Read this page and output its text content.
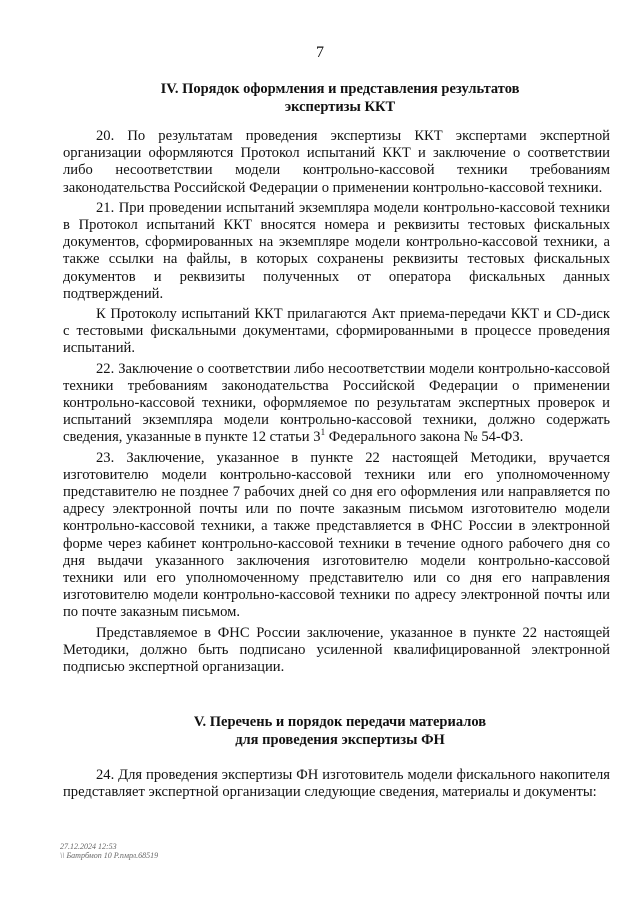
7
IV. Порядок оформления и представления результатов
экспертизы ККТ

20. По результатам проведения экспертизы ККТ экспертами экспертной организации оформляются Протокол испытаний ККТ и заключение о соответствии либо несоответствии модели контрольно-кассовой техники требованиям законодательства Российской Федерации о применении контрольно-кассовой техники.

21. При проведении испытаний экземпляра модели контрольно-кассовой техники в Протокол испытаний ККТ вносятся номера и реквизиты тестовых фискальных документов, сформированных на экземпляре модели контрольно-кассовой техники, а также ссылки на файлы, в которых сохранены реквизиты тестовых фискальных документов и реквизиты полученных от оператора фискальных данных подтверждений.

К Протоколу испытаний ККТ прилагаются Акт приема-передачи ККТ и CD-диск с тестовыми фискальными документами, сформированными в процессе проведения испытаний.

22. Заключение о соответствии либо несоответствии модели контрольно-кассовой техники требованиям законодательства Российской Федерации о применении контрольно-кассовой техники, оформляемое по результатам экспертных проверок и испытаний экземпляра модели контрольно-кассовой техники, должно содержать сведения, указанные в пункте 12 статьи $3^1$ Федерального закона № 54-ФЗ.

23. Заключение, указанное в пункте 22 настоящей Методики, вручается изготовителю модели контрольно-кассовой техники или его уполномоченному представителю не позднее 7 рабочих дней со дня его оформления или направляется по адресу электронной почты или по почте заказным письмом изготовителю модели контрольно-кассовой техники, а также представляется в ФНС России в электронной форме через кабинет контрольно-кассовой техники в течение одного рабочего дня со дня выдачи указанного заключения изготовителю модели контрольно-кассовой техники или его уполномоченному представителю или со дня его направления изготовителю модели контрольно-кассовой техники по адресу электронной почты или по почте заказным письмом.

Представляемое в ФНС России заключение, указанное в пункте 22 настоящей Методики, должно быть подписано усиленной квалифицированной электронной подписью экспертной организации.

V. Перечень и порядок передачи материалов
для проведения экспертизы ФН

24. Для проведения экспертизы ФН изготовитель модели фискального накопителя представляет экспертной организации следующие сведения, материалы и документы:

27.12.2024 12:53
\\ Батрбмоп 10 Р.пмрл.68519
